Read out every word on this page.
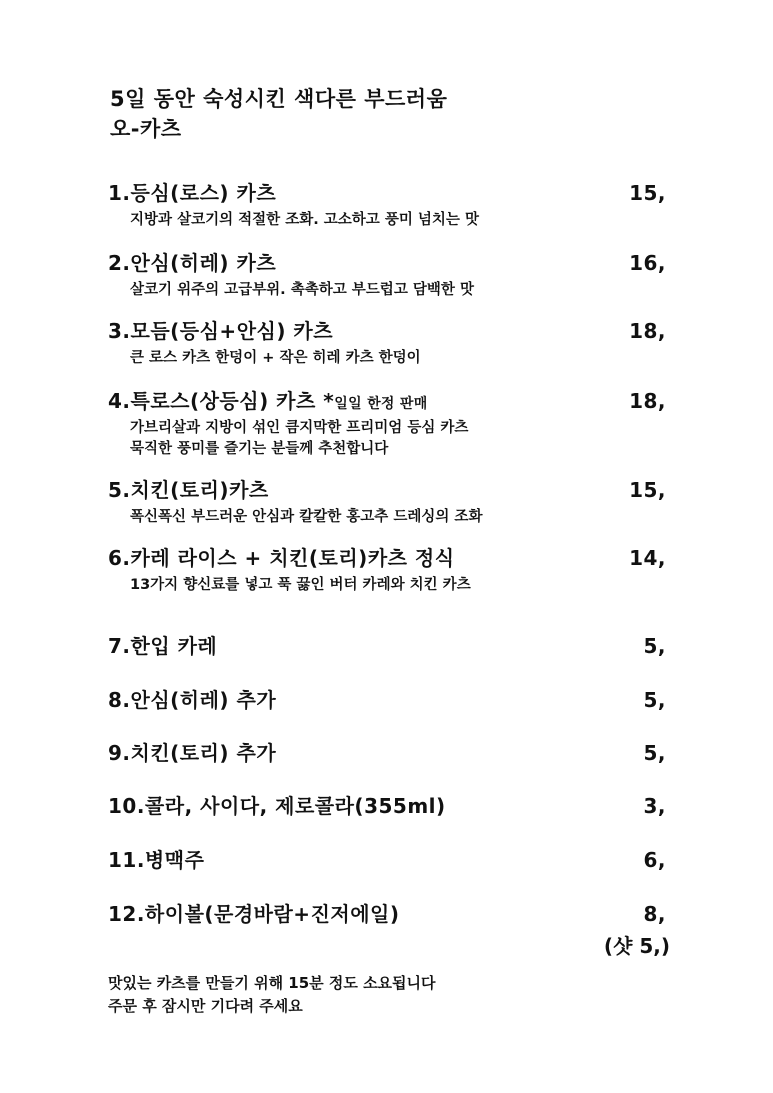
5일 동안 숙성시킨 색다른 부드러움
오-카츠
1.등심(로스) 카츠	15,
지방과 살코기의 적절한 조화. 고소하고 풍미 넘치는 맛
2.안심(히레) 카츠	16,
살코기 위주의 고급부위. 촉촉하고 부드럽고 담백한 맛
3.모듬(등심+안심) 카츠	18,
큰 로스 카츠 한덩이 + 작은 히레 카츠 한덩이
4.특로스(상등심) 카츠 *일일 한정 판매	18,
가브리살과 지방이 섞인 큼지막한 프리미엄 등심 카츠
묵직한 풍미를 즐기는 분들께 추천합니다
5.치킨(토리)카츠	15,
폭신폭신 부드러운 안심과 칼칼한 홍고추 드레싱의 조화
6.카레 라이스 + 치킨(토리)카츠 정식	14,
13가지 향신료를 넣고 푹 끓인 버터 카레와 치킨 카츠
7.한입 카레	5,
8.안심(히레) 추가	5,
9.치킨(토리) 추가	5,
10.콜라, 사이다, 제로콜라(355ml)	3,
11.병맥주	6,
12.하이볼(문경바람+진저에일)	8,
(샷 5,)
맛있는 카츠를 만들기 위해 15분 정도 소요됩니다
주문 후 잠시만 기다려 주세요
